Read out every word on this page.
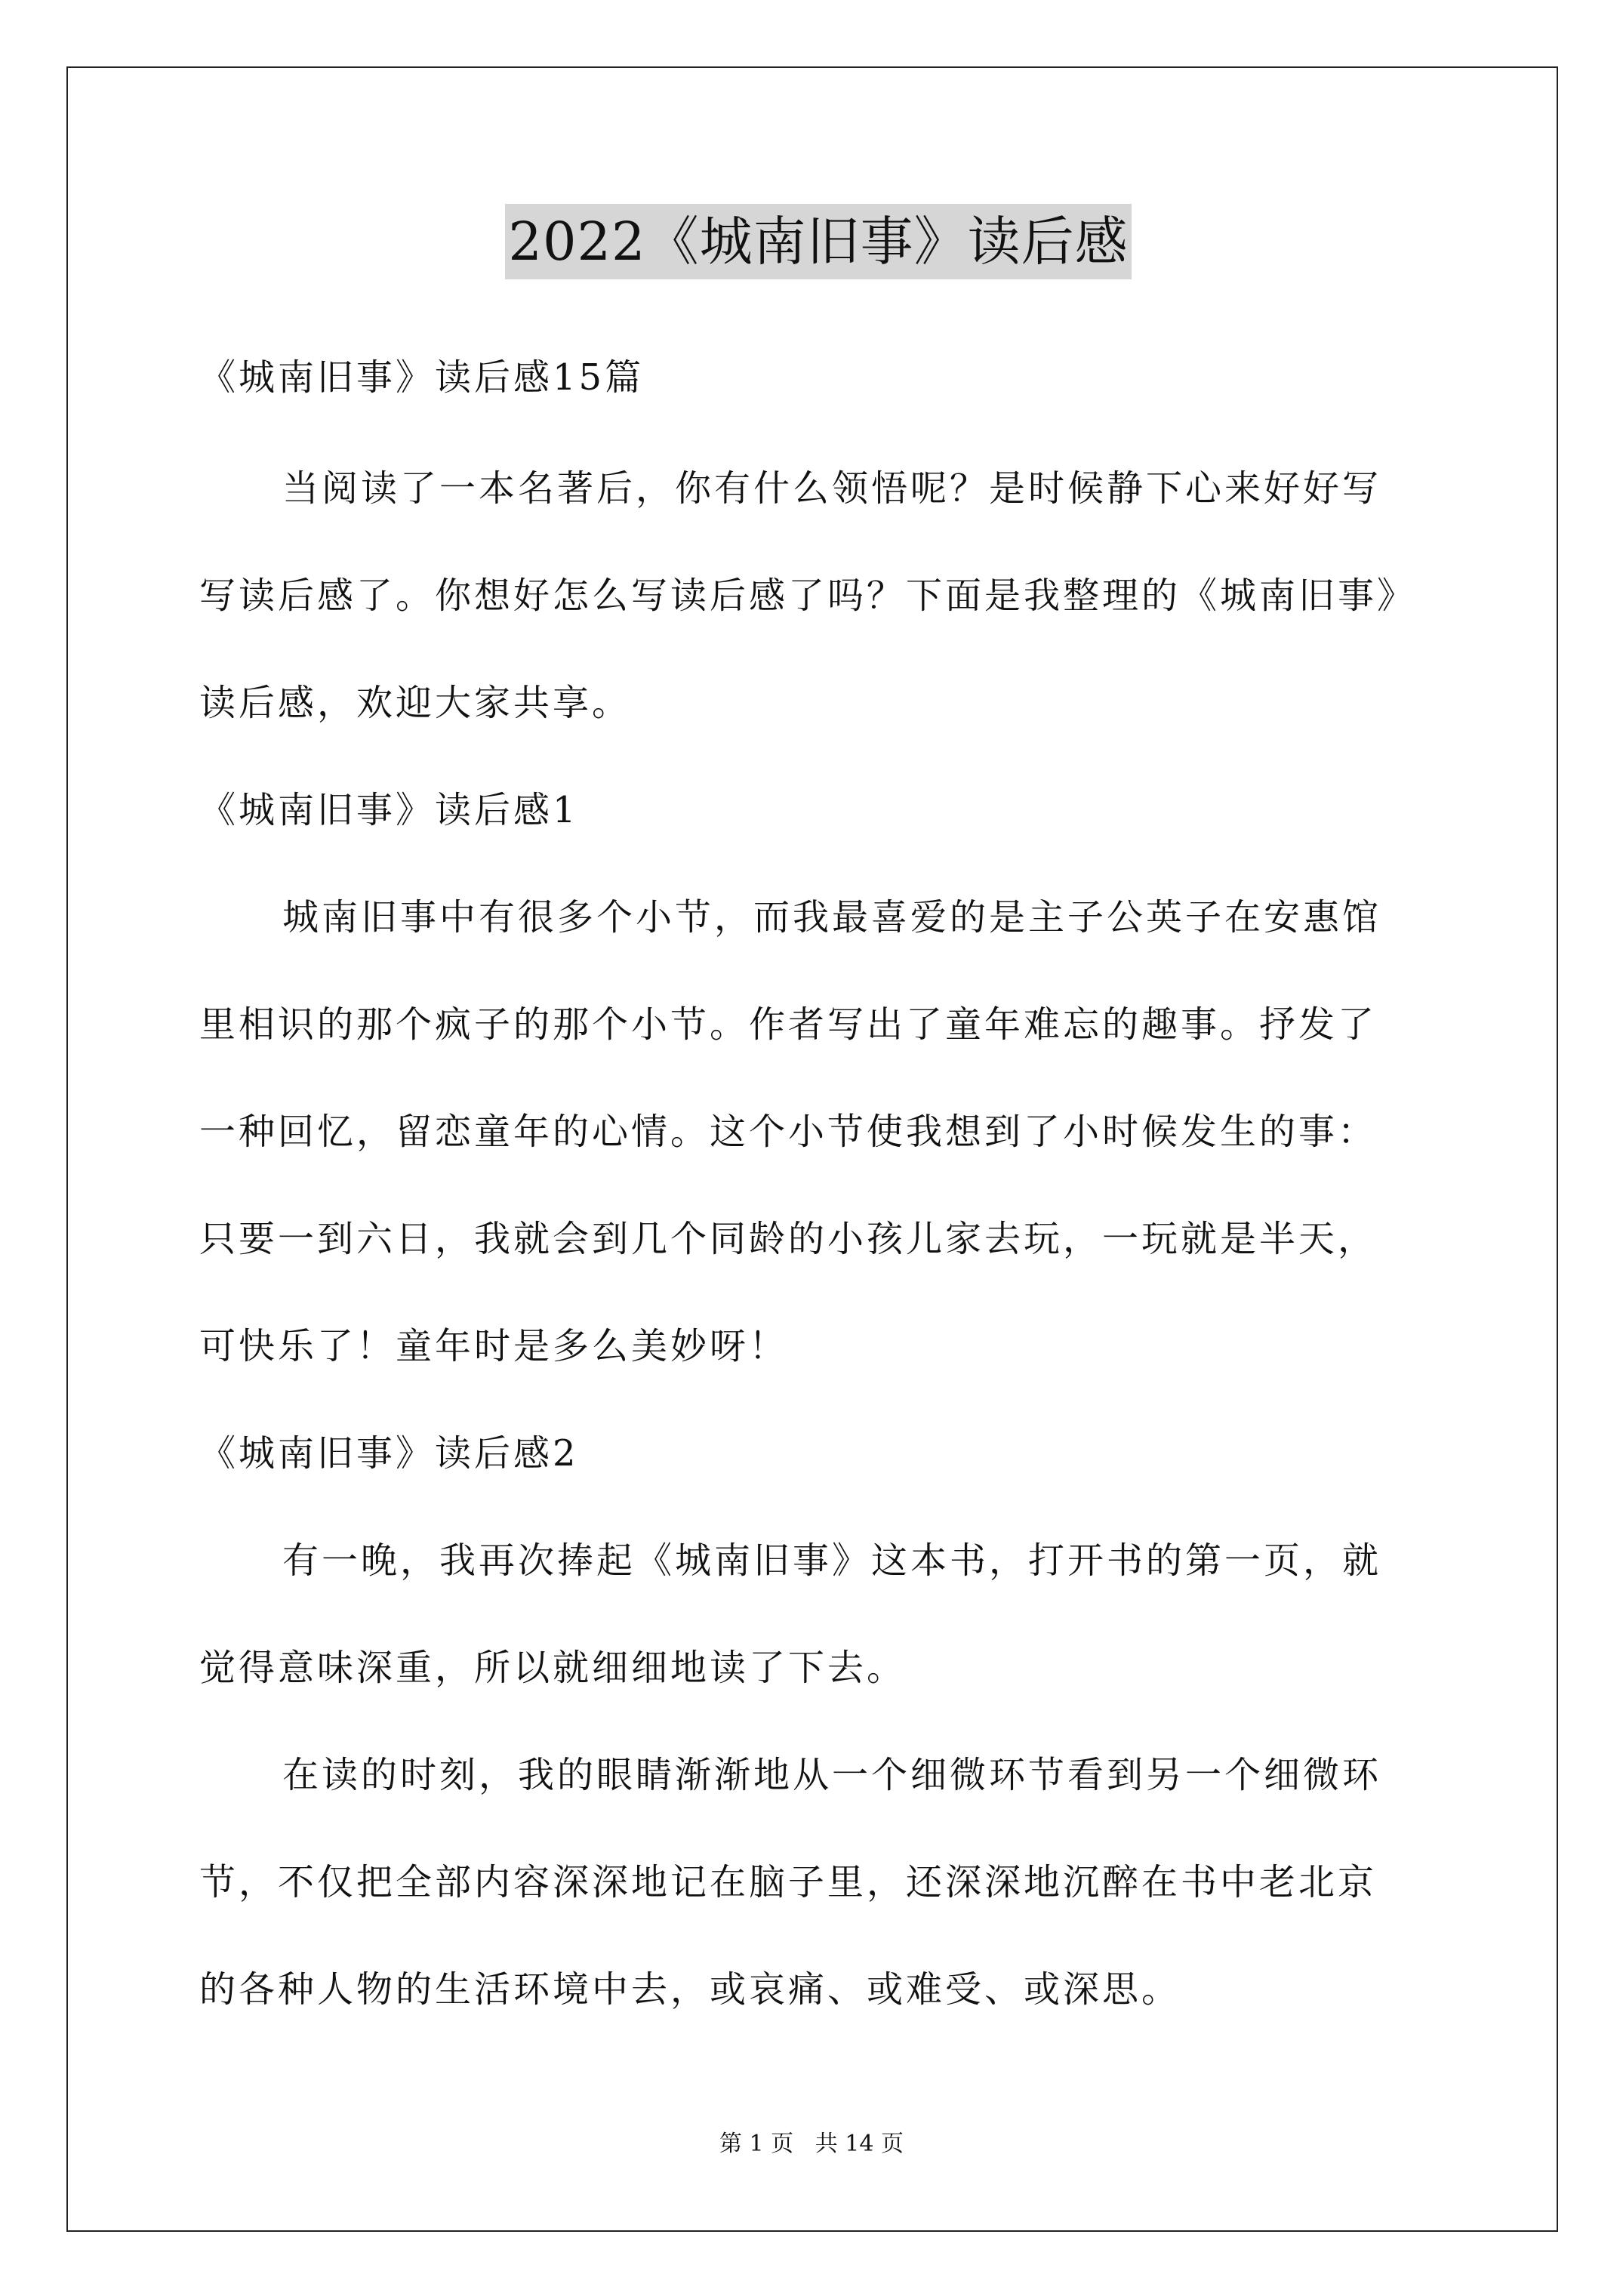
2022《城南旧事》读后感
《城南旧事》读后感15篇
当阅读了一本名著后，你有什么领悟呢？是时候静下心来好好写
写读后感了。你想好怎么写读后感了吗？下面是我整理的《城南旧事》
读后感，欢迎大家共享。
《城南旧事》读后感1
城南旧事中有很多个小节，而我最喜爱的是主子公英子在安惠馆
里相识的那个疯子的那个小节。作者写出了童年难忘的趣事。抒发了
一种回忆，留恋童年的心情。这个小节使我想到了小时候发生的事：
只要一到六日，我就会到几个同龄的小孩儿家去玩，一玩就是半天，
可快乐了！童年时是多么美妙呀！
《城南旧事》读后感2
有一晚，我再次捧起《城南旧事》这本书，打开书的第一页，就
觉得意味深重，所以就细细地读了下去。
在读的时刻，我的眼睛渐渐地从一个细微环节看到另一个细微环
节，不仅把全部内容深深地记在脑子里，还深深地沉醉在书中老北京
的各种人物的生活环境中去，或哀痛、或难受、或深思。
第 1 页   共 14 页
